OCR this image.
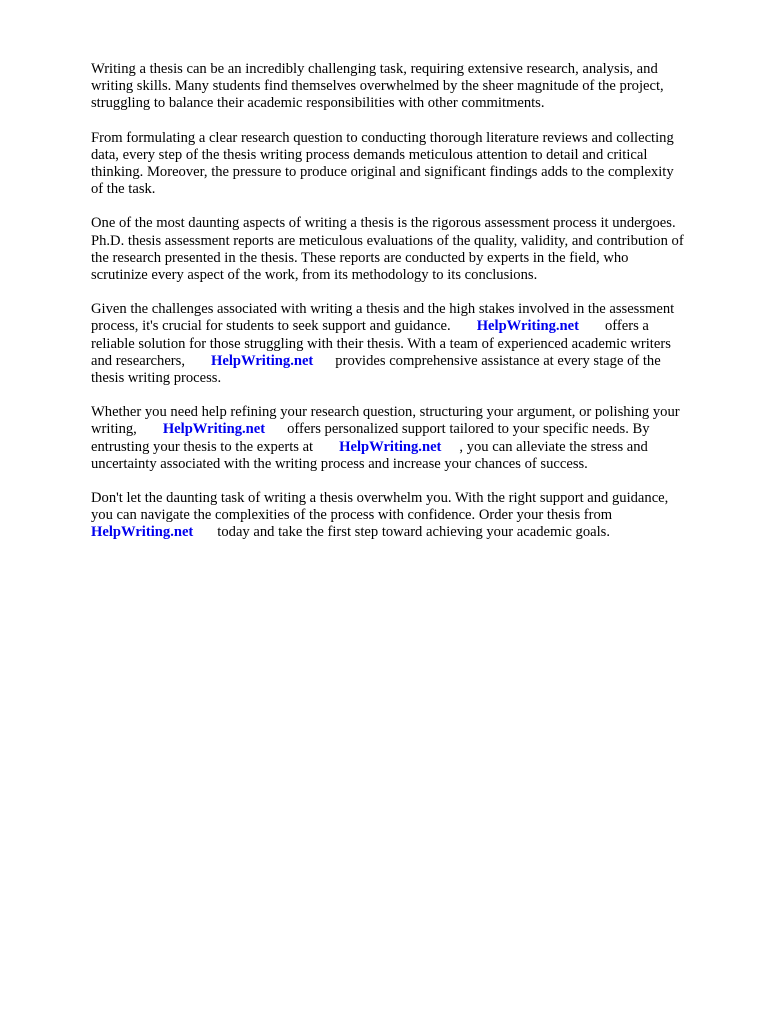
Writing a thesis can be an incredibly challenging task, requiring extensive research, analysis, and
writing skills. Many students find themselves overwhelmed by the sheer magnitude of the project,
struggling to balance their academic responsibilities with other commitments.

From formulating a clear research question to conducting thorough literature reviews and collecting
data, every step of the thesis writing process demands meticulous attention to detail and critical
thinking. Moreover, the pressure to produce original and significant findings adds to the complexity
of the task.

One of the most daunting aspects of writing a thesis is the rigorous assessment process it undergoes.
Ph.D. thesis assessment reports are meticulous evaluations of the quality, validity, and contribution of
the research presented in the thesis. These reports are conducted by experts in the field, who
scrutinize every aspect of the work, from its methodology to its conclusions.

Given the challenges associated with writing a thesis and the high stakes involved in the assessment
process, it's crucial for students to seek support and guidance. HelpWriting.net offers a
reliable solution for those struggling with their thesis. With a team of experienced academic writers
and researchers, HelpWriting.net provides comprehensive assistance at every stage of the
thesis writing process.

Whether you need help refining your research question, structuring your argument, or polishing your
writing, HelpWriting.net offers personalized support tailored to your specific needs. By
entrusting your thesis to the experts at HelpWriting.net , you can alleviate the stress and
uncertainty associated with the writing process and increase your chances of success.

Don't let the daunting task of writing a thesis overwhelm you. With the right support and guidance,
you can navigate the complexities of the process with confidence. Order your thesis from
HelpWriting.net today and take the first step toward achieving your academic goals.
